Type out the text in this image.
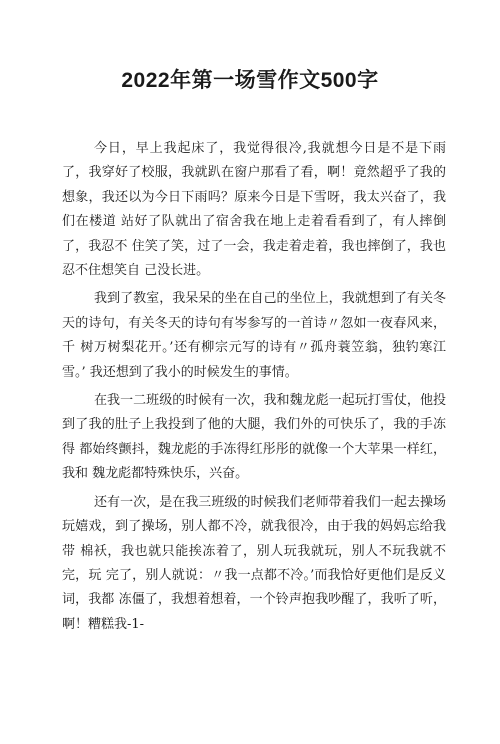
2022年第一场雪作文500字

今日，早上我起床了，我觉得很冷,我就想今日是不是下雨了，我穿好了校服，我就趴在窗户那看了看，啊！竟然超乎了我的想象，我还以为今日下雨吗？原来今日是下雪呀，我太兴奋了，我们在楼道 站好了队就出了宿舍我在地上走着看看到了，有人摔倒了，我忍不 住笑了笑，过了一会，我走着走着，我也摔倒了，我也忍不住想笑自 己没长进。

我到了教室，我呆呆的坐在自己的坐位上，我就想到了有关冬 天的诗句，有关冬天的诗句有岑参写的一首诗〃忽如一夜春风来，千 树万树梨花开。’还有柳宗元写的诗有〃孤舟蓑笠翁，独钓寒江雪。’ 我还想到了我小的时候发生的事情。

在我一二班级的时候有一次，我和魏龙彪一起玩打雪仗，他投 到了我的肚子上我投到了他的大腿，我们外的可快乐了，我的手冻得 都始终颤抖，魏龙彪的手冻得红彤彤的就像一个大苹果一样红，我和 魏龙彪都特殊快乐，兴奋。

还有一次，是在我三班级的时候我们老师带着我们一起去操场 玩嬉戏，到了操场，别人都不冷，就我很冷，由于我的妈妈忘给我带 棉袄，我也就只能挨冻着了，别人玩我就玩，别人不玩我就不完，玩 完了，别人就说：〃我一点都不冷。’而我恰好更他们是反义词，我都 冻僵了，我想着想着，一个铃声抱我吵醒了，我听了听，啊！糟糕我-1-
